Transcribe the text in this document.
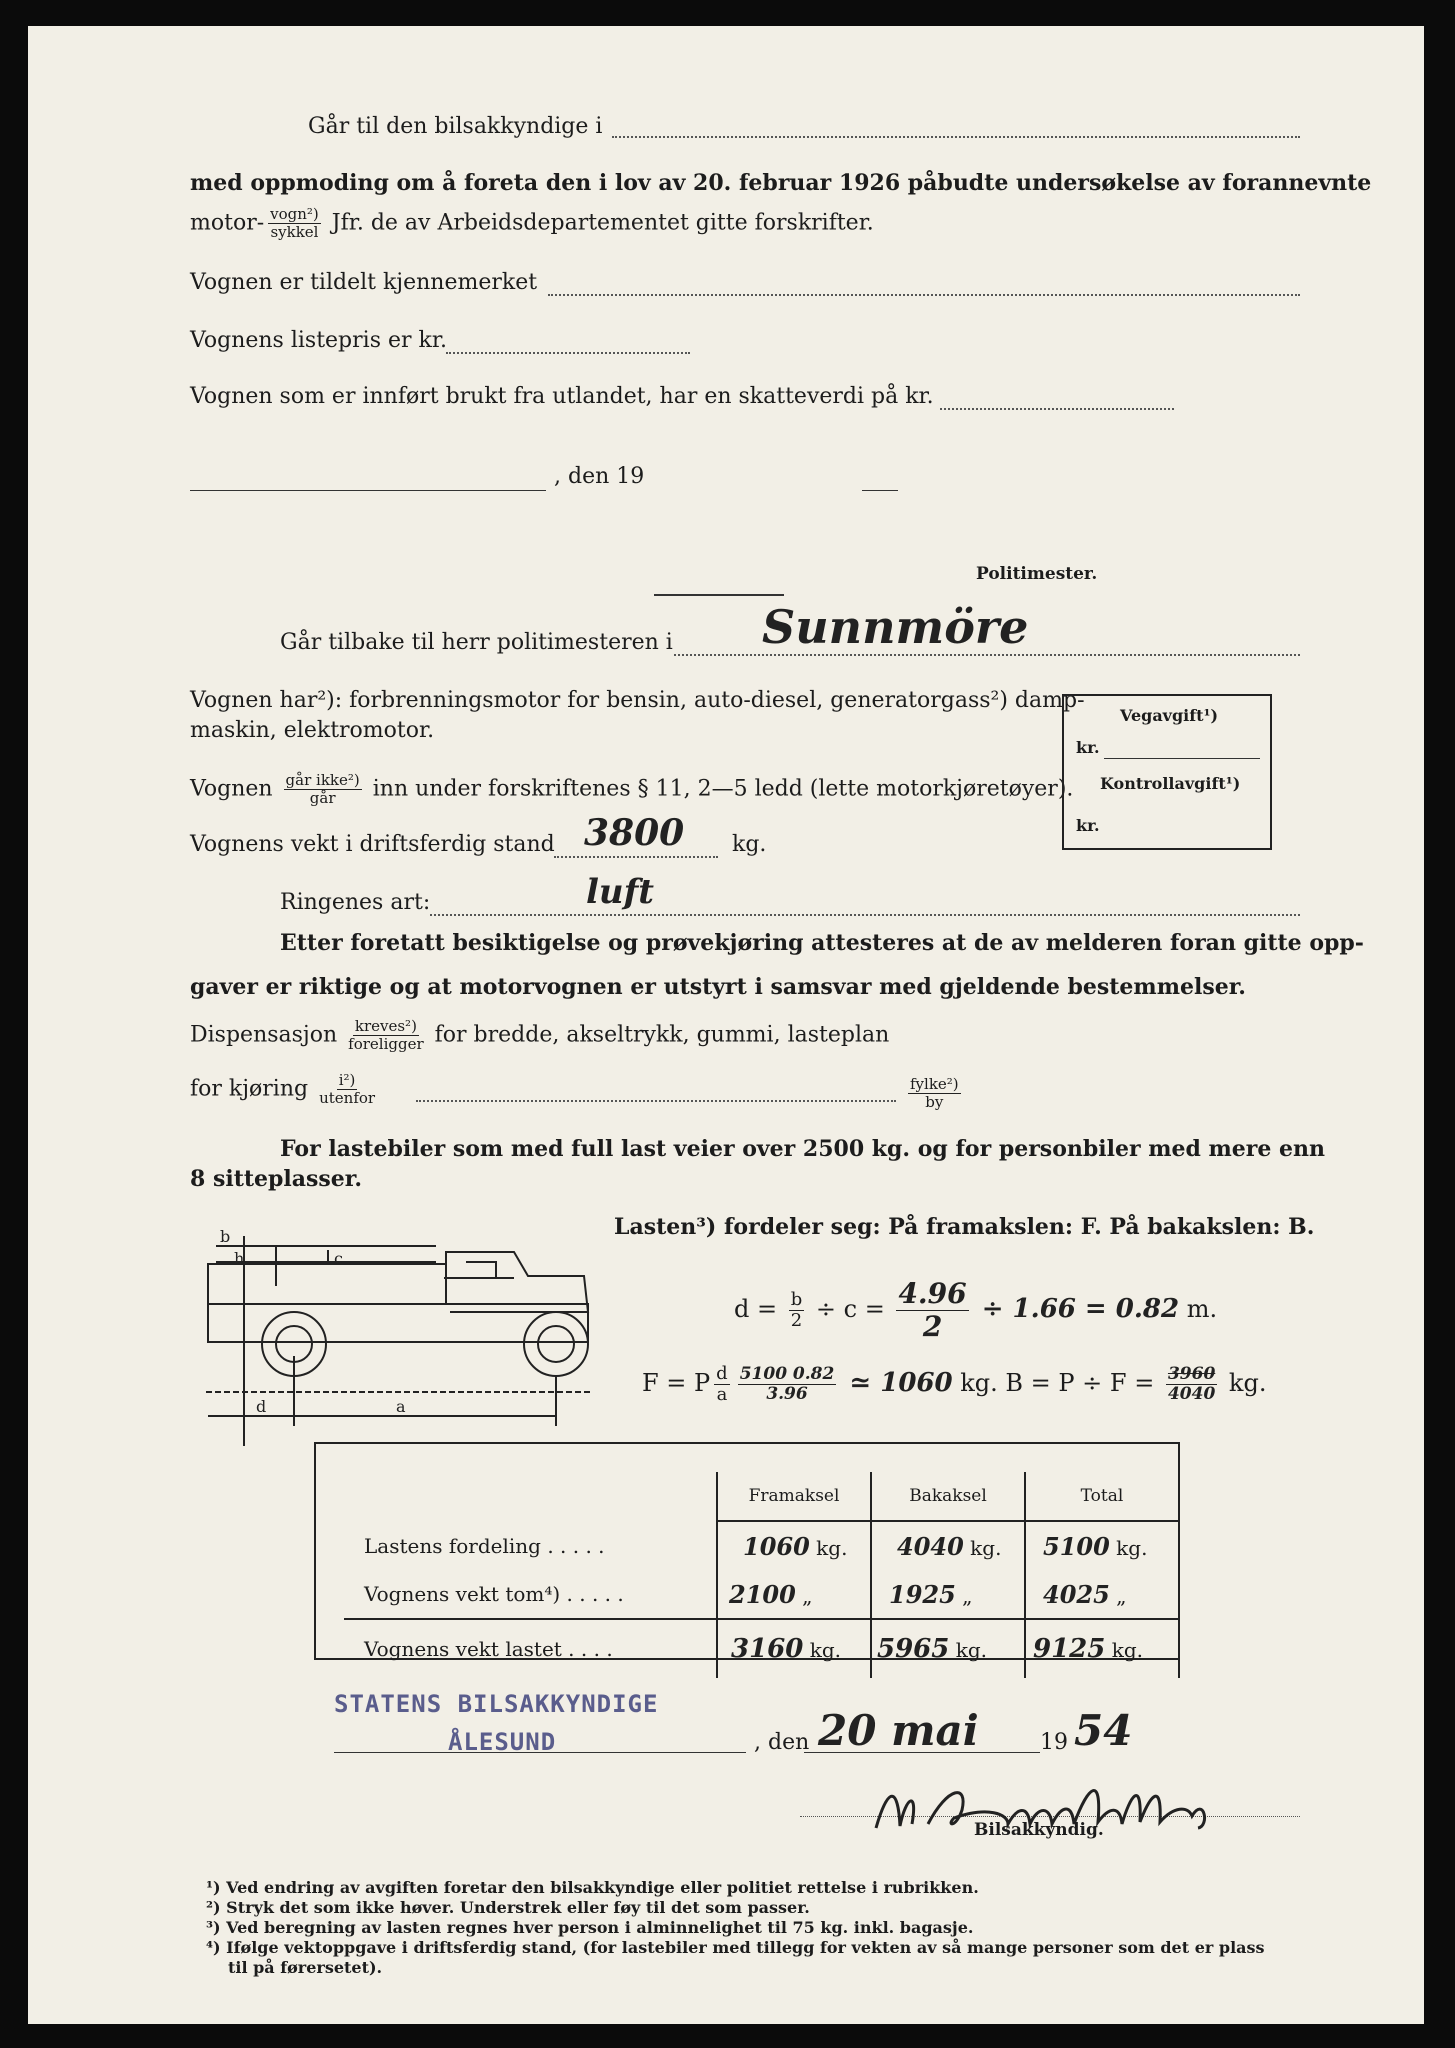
Går til den bilsakkyndige i
med oppmoding om å foreta den i lov av 20. februar 1926 påbudte undersøkelse av forannevnte
motor- $\frac{\text{vogn²)}}{\text{sykkel}}$ Jfr. de av Arbeidsdepartementet gitte forskrifter.
Vognen er tildelt kjennemerket
Vognens listepris er kr.
Vognen som er innført brukt fra utlandet, har en skatteverdi på kr.
, den 19
Politimester.
Går tilbake til herr politimesteren i Sunnmöre
Vognen har²): forbrenningsmotor for bensin, auto-diesel, generatorgass²) damp-
maskin, elektromotor.
Vognen $\frac{\text{går ikke²)}}{\text{går}}$ inn under forskriftenes § 11, 2—5 ledd (lette motorkjøretøyer).
Vognens vekt i driftsferdig stand 3800 kg.
Vegavgift¹)
kr.
Kontrollavgift¹)
kr.
Ringenes art:	luft
Etter foretatt besiktigelse og prøvekjøring attesteres at de av melderen foran gitte opp-
gaver er riktige og at motorvognen er utstyrt i samsvar med gjeldende bestemmelser.
Dispensasjon $\frac{\text{kreves²)}}{\text{foreligger}}$ for bredde, akseltrykk, gummi, lasteplan
for kjøring $\frac{\text{i²)}}{\text{utenfor}}$	$\frac{\text{fylke²)}}{by}$
For lastebiler som med full last veier over 2500 kg. og for personbiler med mere enn
8 sitteplasser.
b
h	c
d	a
Lasten³) fordeler seg: På framakslen: F. På bakakslen: B.
$d = \frac{b}{2} \div c = \frac{4.96}{2} \div 1.66 = 0.82$ m.
F = P $\frac{d}{a} \frac{5100 0.82}{3.96}$ ≃ 1060 kg. $B = P \div F = \frac{3960}{4040}$ kg.
	Framaksel	Bakaksel	Total
Lastens fordeling . . . . .	1060 kg.	4040 kg.	5100 kg.
Vognens vekt tom⁴) . . . . .	2100 „	1925 „	4025 „
Vognens vekt lastet . . . .	3160 kg.	5965 kg.	9125 kg.
STATENS BILSAKKYNDIGE
ÅLESUND	, den 20 mai	19 54
Bilsakkyndig.
¹) Ved endring av avgiften foretar den bilsakkyndige eller politiet rettelse i rubrikken.
²) Stryk det som ikke høver. Understrek eller føy til det som passer.
³) Ved beregning av lasten regnes hver person i alminnelighet til 75 kg. inkl. bagasje.
⁴) Ifølge vektoppgave i driftsferdig stand, (for lastebiler med tillegg for vekten av så mange personer som det er plass
til på førersetet).
